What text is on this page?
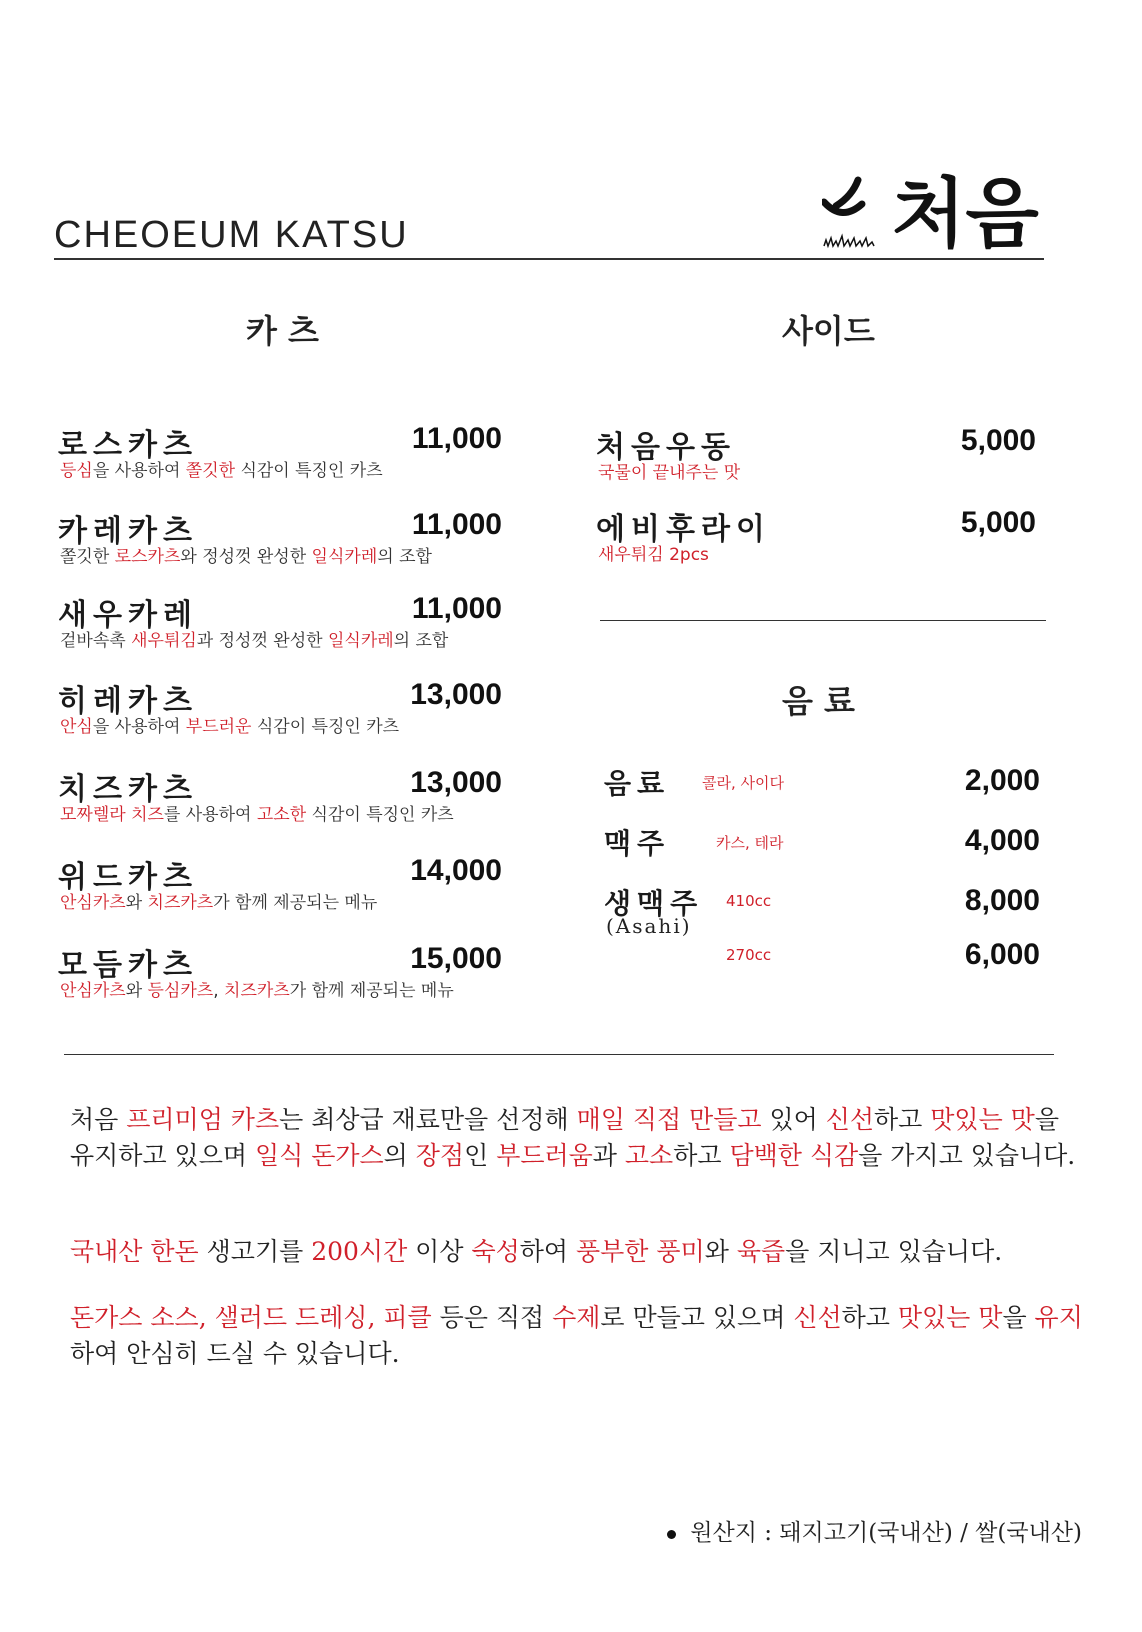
CHEOEUM KATSU	처음
카 츠
로스카츠	11,000
등심을 사용하여 쫄깃한 식감이 특징인 카츠
카레카츠	11,000
쫄깃한 로스카츠와 정성껏 완성한 일식카레의 조합
새우카레	11,000
겉바속촉 새우튀김과 정성껏 완성한 일식카레의 조합
히레카츠	13,000
안심을 사용하여 부드러운 식감이 특징인 카츠
치즈카츠	13,000
모짜렐라 치즈를 사용하여 고소한 식감이 특징인 카츠
위드카츠	14,000
안심카츠와 치즈카츠가 함께 제공되는 메뉴
모듬카츠	15,000
안심카츠와 등심카츠, 치즈카츠가 함께 제공되는 메뉴
사이드
처음우동	5,000
국물이 끝내주는 맛
에비후라이	5,000
새우튀김 2pcs
음 료
음료 콜라, 사이다	2,000
맥주	카스, 테라	4,000
생맥주
(Asahi)
410cc	8,000
270cc	6,000
처음 프리미엄 카츠는 최상급 재료만을 선정해 매일 직접 만들고 있어 신선하고 맛있는 맛을 유지하고 있으며 일식 돈가스의 장점인 부드러움과 고소하고 담백한 식감을 가지고 있습니다.
국내산 한돈 생고기를 200시간 이상 숙성하여 풍부한 풍미와 육즙을 지니고 있습니다.
돈가스 소스, 샐러드 드레싱, 피클 등은 직접 수제로 만들고 있으며 신선하고 맛있는 맛을 유지하여 안심히 드실 수 있습니다.
원산지 : 돼지고기(국내산) / 쌀(국내산)
